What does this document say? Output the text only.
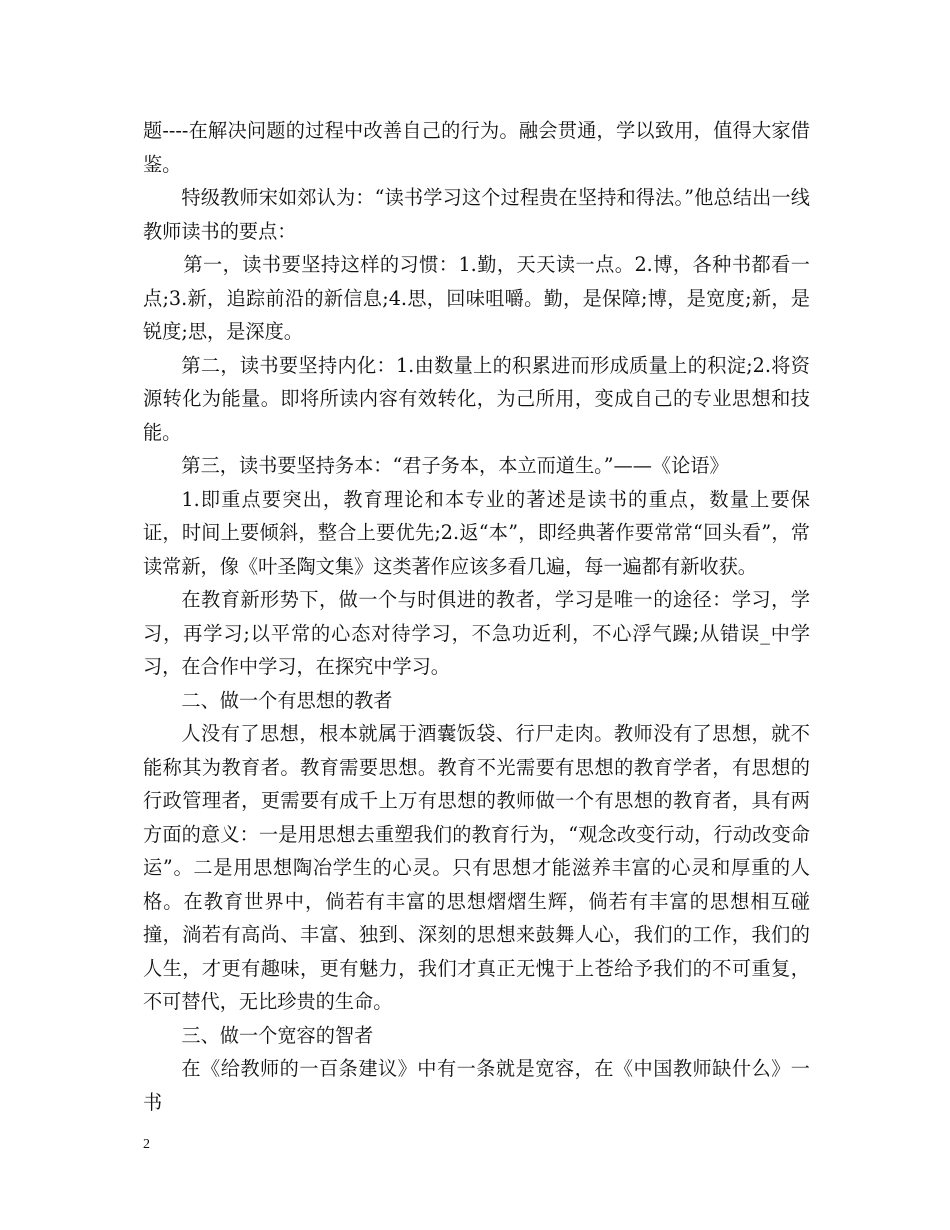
题----在解决问题的过程中改善自己的行为。融会贯通，学以致用，值得大家借鉴。

特级教师宋如郊认为：“读书学习这个过程贵在坚持和得法。”他总结出一线教师读书的要点：

第一，读书要坚持这样的习惯：1.勤，天天读一点。2.博，各种书都看一点;3.新，追踪前沿的新信息;4.思，回味咀嚼。勤，是保障;博，是宽度;新，是锐度;思，是深度。

第二，读书要坚持内化：1.由数量上的积累进而形成质量上的积淀;2.将资源转化为能量。即将所读内容有效转化，为己所用，变成自己的专业思想和技能。

第三，读书要坚持务本：“君子务本，本立而道生。”——《论语》

1.即重点要突出，教育理论和本专业的著述是读书的重点，数量上要保证，时间上要倾斜，整合上要优先;2.返“本”，即经典著作要常常“回头看”，常读常新，像《叶圣陶文集》这类著作应该多看几遍，每一遍都有新收获。

在教育新形势下，做一个与时俱进的教者，学习是唯一的途径：学习，学习，再学习;以平常的心态对待学习，不急功近利，不心浮气躁;从错误_中学习，在合作中学习，在探究中学习。

二、做一个有思想的教者

人没有了思想，根本就属于酒囊饭袋、行尸走肉。教师没有了思想，就不能称其为教育者。教育需要思想。教育不光需要有思想的教育学者，有思想的行政管理者，更需要有成千上万有思想的教师做一个有思想的教育者，具有两方面的意义：一是用思想去重塑我们的教育行为，“观念改变行动，行动改变命运”。二是用思想陶冶学生的心灵。只有思想才能滋养丰富的心灵和厚重的人格。在教育世界中，倘若有丰富的思想熠熠生辉，倘若有丰富的思想相互碰撞，淌若有高尚、丰富、独到、深刻的思想来鼓舞人心，我们的工作，我们的人生，才更有趣味，更有魅力，我们才真正无愧于上苍给予我们的不可重复，不可替代，无比珍贵的生命。

三、做一个宽容的智者

在《给教师的一百条建议》中有一条就是宽容，在《中国教师缺什么》一书

2
